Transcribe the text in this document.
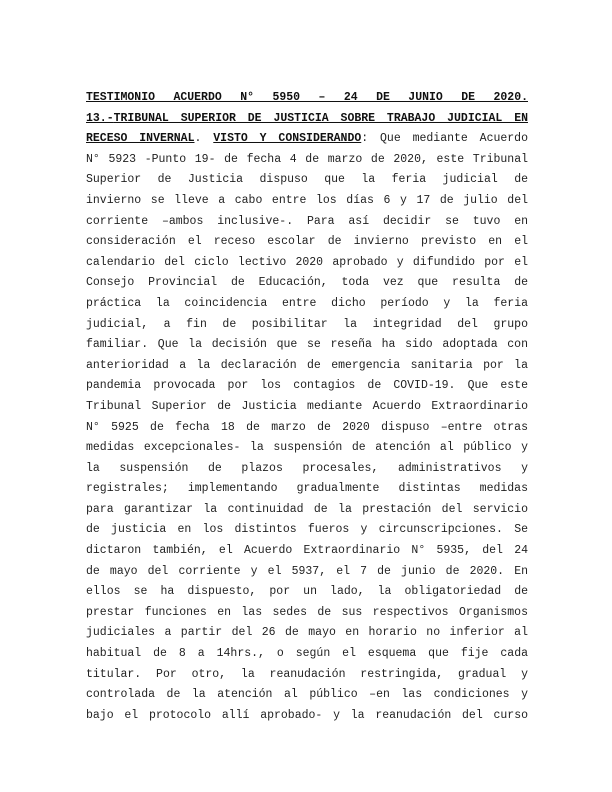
TESTIMONIO ACUERDO N° 5950 – 24 DE JUNIO DE 2020.
13.-TRIBUNAL SUPERIOR DE JUSTICIA SOBRE TRABAJO JUDICIAL EN
RECESO INVERNAL. VISTO Y CONSIDERANDO: Que mediante Acuerdo
N° 5923 -Punto 19- de fecha 4 de marzo de 2020, este Tribunal
Superior de Justicia dispuso que la feria judicial de
invierno se lleve a cabo entre los días 6 y 17 de julio del
corriente –ambos inclusive-. Para así decidir se tuvo en
consideración el receso escolar de invierno previsto en el
calendario del ciclo lectivo 2020 aprobado y difundido por el
Consejo Provincial de Educación, toda vez que resulta de
práctica la coincidencia entre dicho período y la feria
judicial, a fin de posibilitar la integridad del grupo
familiar. Que la decisión que se reseña ha sido adoptada con
anterioridad a la declaración de emergencia sanitaria por la
pandemia provocada por los contagios de COVID-19. Que este
Tribunal Superior de Justicia mediante Acuerdo Extraordinario
N° 5925 de fecha 18 de marzo de 2020 dispuso –entre otras
medidas excepcionales- la suspensión de atención al público y
la suspensión de plazos procesales, administrativos y
registrales; implementando gradualmente distintas medidas
para garantizar la continuidad de la prestación del servicio
de justicia en los distintos fueros y circunscripciones. Se
dictaron también, el Acuerdo Extraordinario N° 5935, del 24
de mayo del corriente y el 5937, el 7 de junio de 2020. En
ellos se ha dispuesto, por un lado, la obligatoriedad de
prestar funciones en las sedes de sus respectivos Organismos
judiciales a partir del 26 de mayo en horario no inferior al
habitual de 8 a 14hrs., o según el esquema que fije cada
titular. Por otro, la reanudación restringida, gradual y
controlada de la atención al público –en las condiciones y
bajo el protocolo allí aprobado- y la reanudación del curso
